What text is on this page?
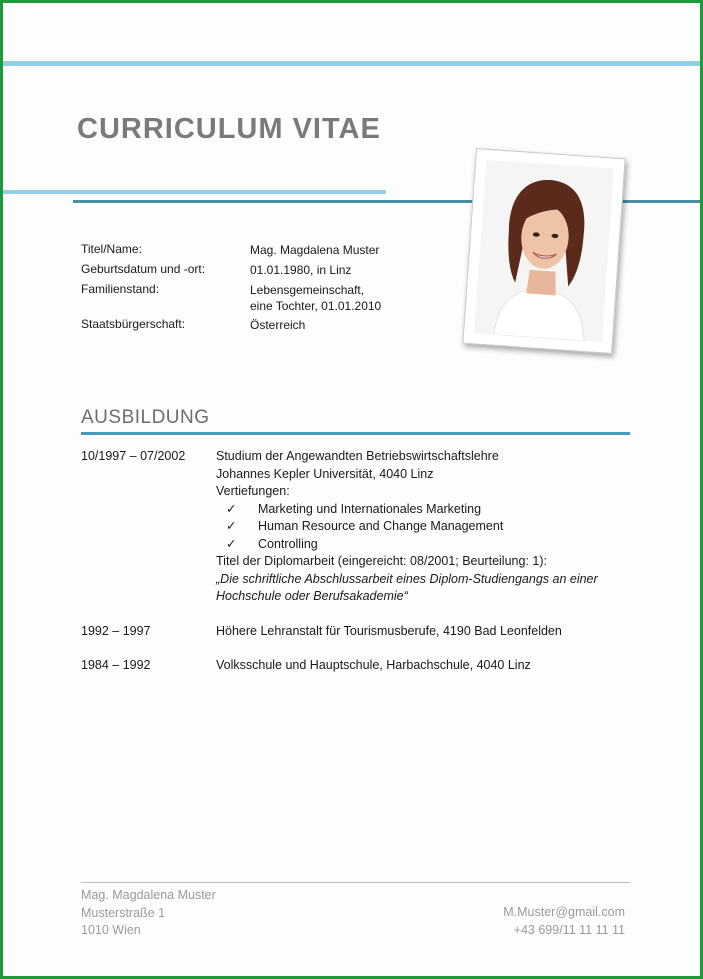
CURRICULUM VITAE
Titel/Name:	Mag. Magdalena Muster
Geburtsdatum und -ort:	01.01.1980, in Linz
Familienstand:	Lebensgemeinschaft,
eine Tochter, 01.01.2010
Staatsbürgerschaft:	Österreich
AUSBILDUNG
10/1997 – 07/2002 Studium der Angewandten Betriebswirtschaftslehre
Johannes Kepler Universität, 4040 Linz
Vertiefungen:
✓ Marketing und Internationales Marketing
✓ Human Resource and Change Management
✓ Controlling
Titel der Diplomarbeit (eingereicht: 08/2001; Beurteilung: 1):
„Die schriftliche Abschlussarbeit eines Diplom-Studiengangs an einer
Hochschule oder Berufsakademie“
1992 – 1997	Höhere Lehranstalt für Tourismusberufe, 4190 Bad Leonfelden
1984 – 1992	Volksschule und Hauptschule, Harbachschule, 4040 Linz
Mag. Magdalena Muster
Musterstraße 1
1010 Wien
M.Muster@gmail.com
+43 699/11 11 11 11
